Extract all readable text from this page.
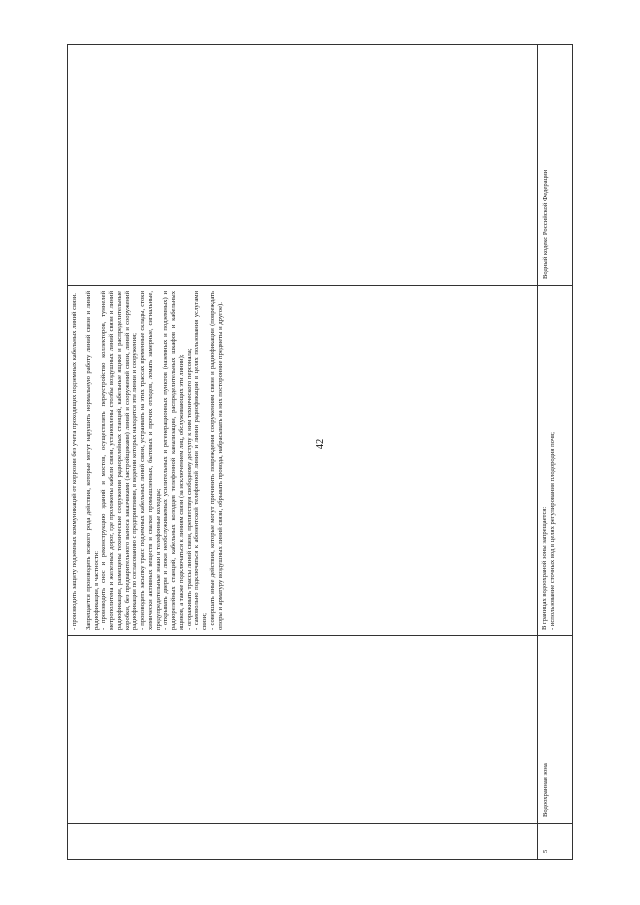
42

- производить защиту подземных коммуникаций от коррозии без учета проходящих подземных кабельных линий связи. Запрещается производить всякого рода действия, которые могут нарушить нормальную работу линий связи и линий радиофикации, в частности: - производить снос и реконструкцию зданий и мостов, осуществлять переустройство коллекторов, туннелей метрополитена и железных дорог, где проложены кабели связи, установлены столбы воздушных линий связи и линий радиофикации, размещены технические сооружения радиорелейных станций, кабельные ящики и распределительные коробки, без предварительного выноса заказчиками (застройщиками) линий и сооружений связи, линий и сооружений радиофикации по согласованию с предприятиями, в ведении которых находятся эти линии и сооружения; - производить засыпку трасс подземных кабельных линий связи, устраивать на этих трассах временные склады, стоки химически активных веществ и свалки промышленных, бытовых и прочих отходов, ломать замерные, сигнальные, предупредительные знаки и телефонные колодцы; - открывать двери и люки необслуживаемых усилительных и регенерационных пунктов (наземных и подземных) и радиорелейных станций, кабельных колодцев телефонной канализации, распределительных шкафов и кабельных ящиков, а также подключаться к линиям связи (за исключением лиц, обслуживающих эти линии); - огораживать трассы линий связи, препятствуя свободному доступу к ним технического персонала; - самовольно подключаться к абонентской телефонной линии и линии радиофикации в целях пользования услугами связи; - совершать иные действия, которые могут причинить повреждения сооружениям связи и радиофикации (повреждать опоры и арматуру воздушных линий связи, обрывать провода, набрасывать на них посторонние предметы и другое).

5
Водоохранная зона

В границах водоохраной зоны запрещается: - использование сточных вод в целях регулирования плодородия почв;

Водный кодекс Российской Федерации
